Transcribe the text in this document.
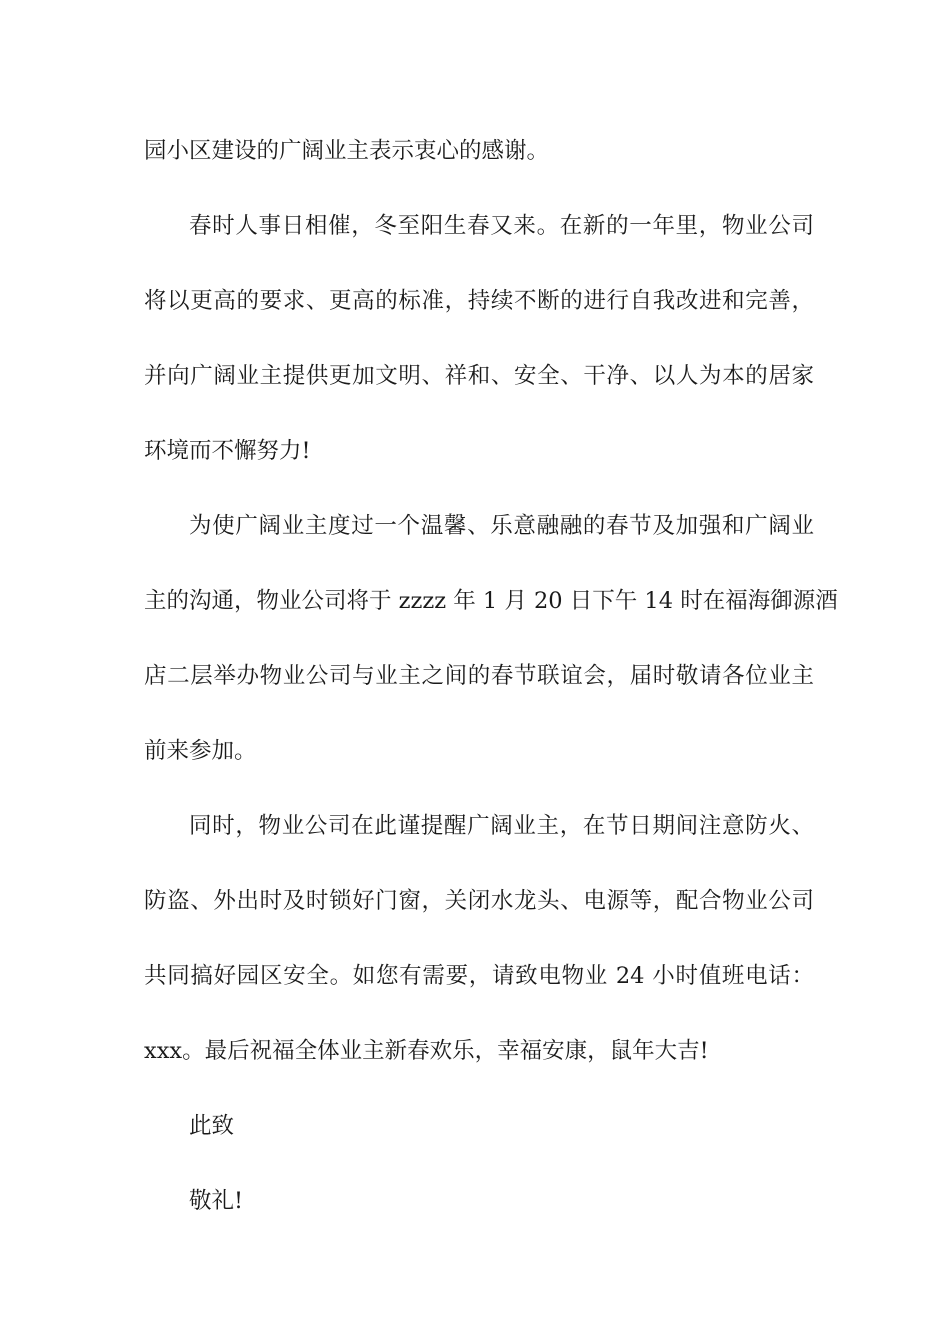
园小区建设的广阔业主表示衷心的感谢。
春时人事日相催，冬至阳生春又来。在新的一年里，物业公司
将以更高的要求、更高的标准，持续不断的进行自我改进和完善，
并向广阔业主提供更加文明、祥和、安全、干净、以人为本的居家
环境而不懈努力!
为使广阔业主度过一个温馨、乐意融融的春节及加强和广阔业
主的沟通，物业公司将于 zzzz 年 1 月 20 日下午 14 时在福海御源酒
店二层举办物业公司与业主之间的春节联谊会，届时敬请各位业主
前来参加。
同时，物业公司在此谨提醒广阔业主，在节日期间注意防火、
防盗、外出时及时锁好门窗，关闭水龙头、电源等，配合物业公司
共同搞好园区安全。如您有需要，请致电物业 24 小时值班电话：
xxx。最后祝福全体业主新春欢乐，幸福安康，鼠年大吉!
此致
敬礼!
